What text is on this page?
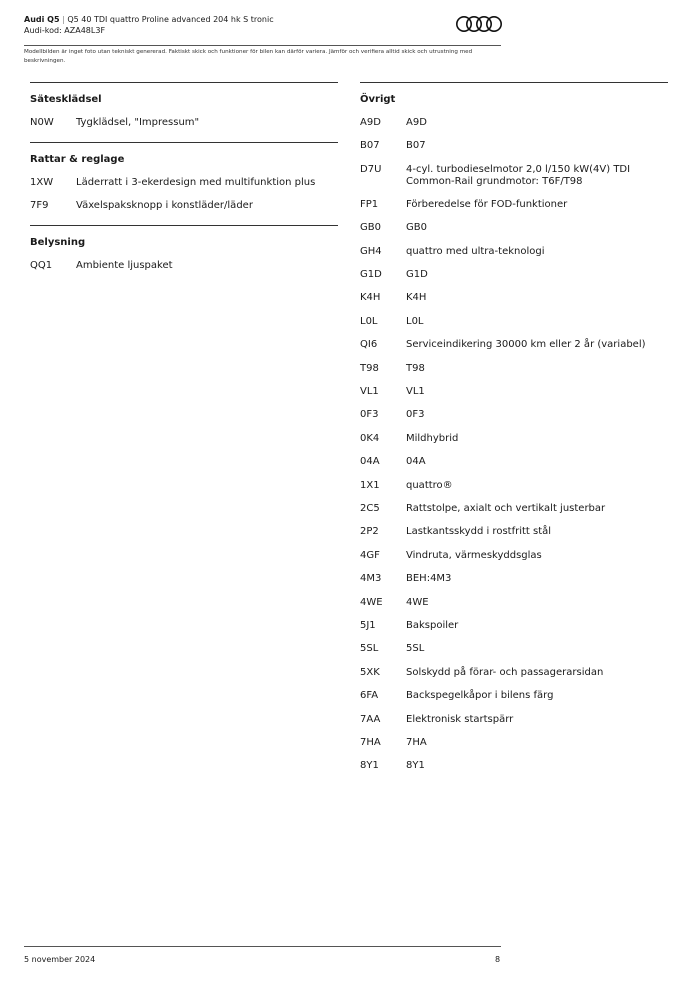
Audi Q5 | Q5 40 TDI quattro Proline advanced 204 hk S tronic
Audi-kod: AZA48L3F
Modellbilden är inget foto utan tekniskt genererad. Faktiskt skick och funktioner för bilen kan därför variera. Jämför och verifiera alltid skick och utrustning med beskrivningen.
Sätesklädsel
N0W Tygklädsel, "Impressum"
Rattar & reglage
1XW Läderratt i 3-ekerdesign med multifunktion plus
7F9	Växelspaksknopp i konstläder/läder
Belysning
QQ1 Ambiente ljuspaket
Övrigt
A9D	A9D
B07	B07
D7U 4-cyl. turbodieselmotor 2,0 l/150 kW(4V) TDI
Common-Rail grundmotor: T6F/T98
FP1	Förberedelse för FOD-funktioner
GB0	GB0
GH4 quattro med ultra-teknologi
G1D G1D
K4H	K4H
L0L	L0L
QI6	Serviceindikering 30000 km eller 2 år (variabel)
T98	T98
VL1	VL1
0F3	0F3
0K4	Mildhybrid
04A	04A
1X1	quattro®
2C5	Rattstolpe, axialt och vertikalt justerbar
2P2	Lastkantsskydd i rostfritt stål
4GF	Vindruta, värmeskyddsglas
4M3 BEH:4M3
4WE 4WE
5J1	Bakspoiler
5SL	5SL
5XK	Solskydd på förar- och passagerarsidan
6FA	Backspegelkåpor i bilens färg
7AA	Elektronisk startspärr
7HA	7HA
8Y1	8Y1
5 november 2024	8
